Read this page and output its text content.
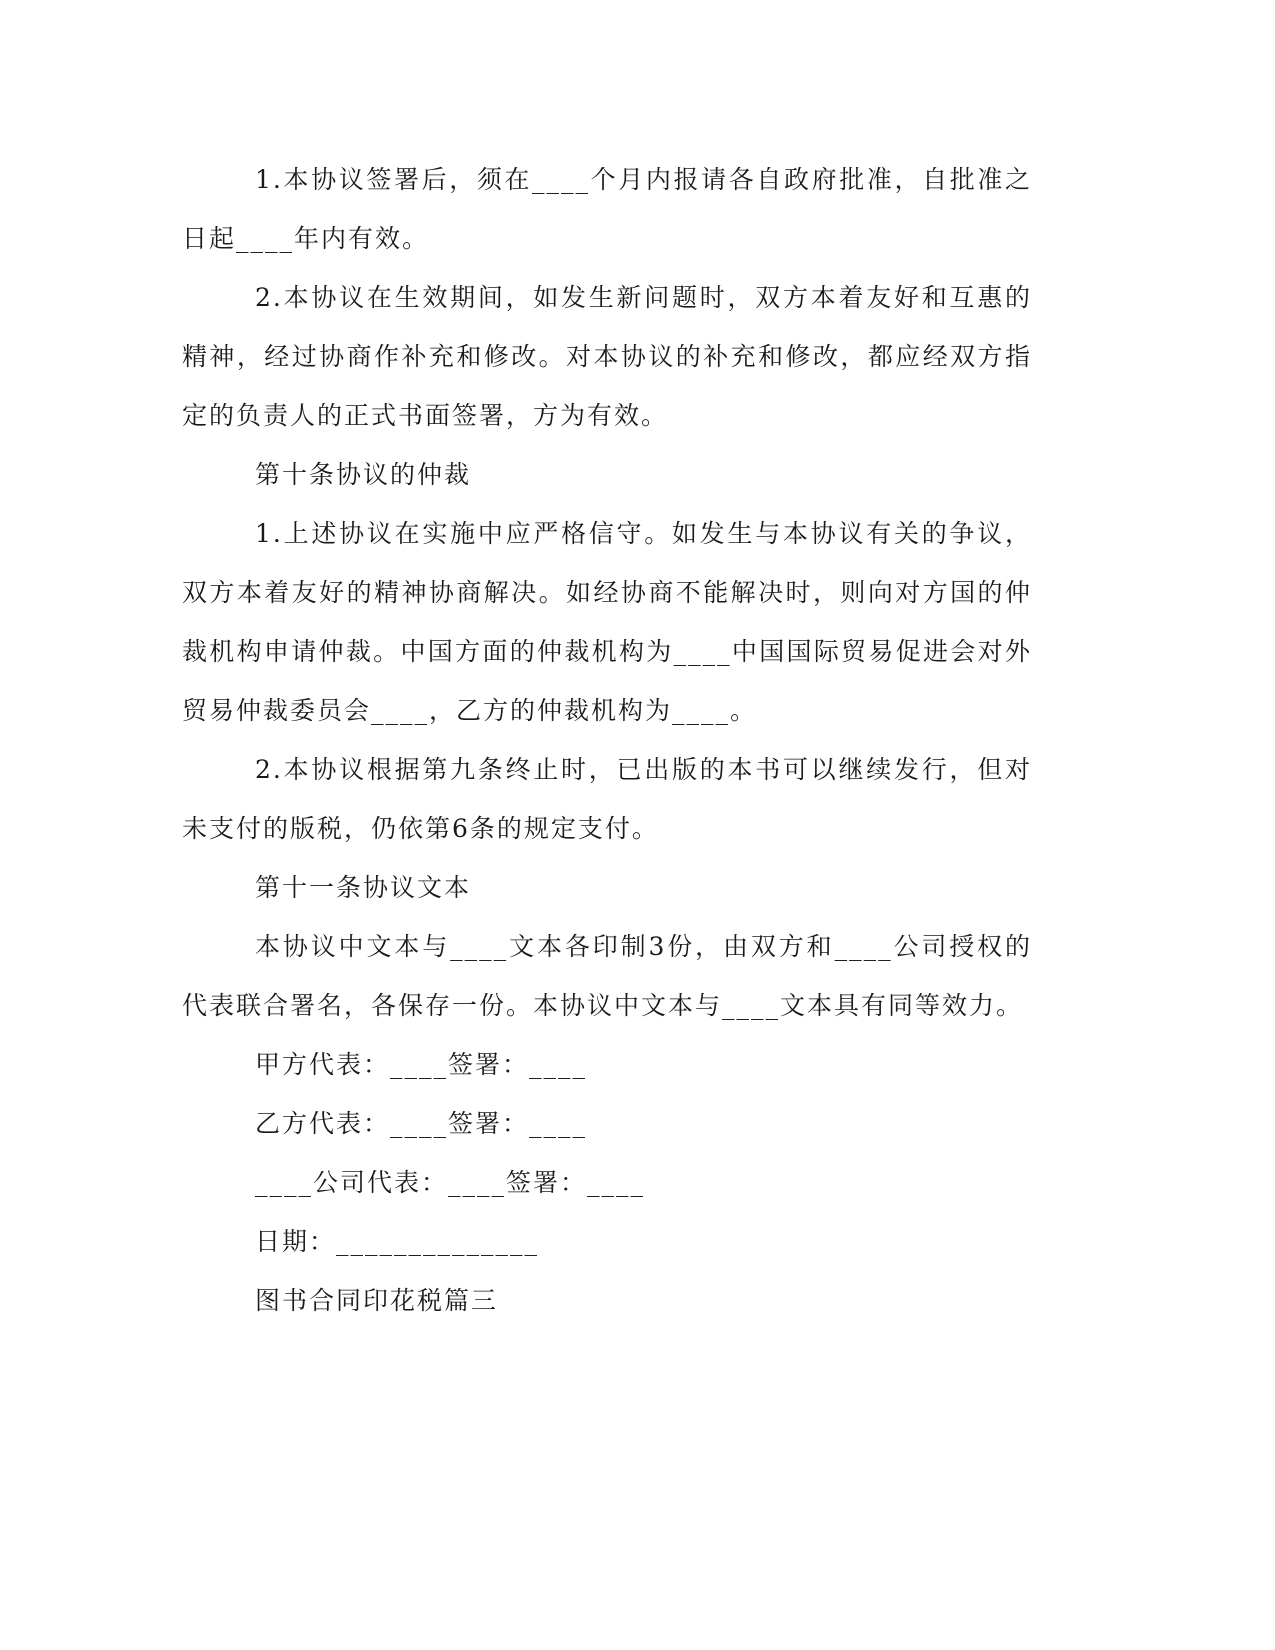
1.本协议签署后，须在____个月内报请各自政府批准，自批准之日起____年内有效。

2.本协议在生效期间，如发生新问题时，双方本着友好和互惠的精神，经过协商作补充和修改。对本协议的补充和修改，都应经双方指定的负责人的正式书面签署，方为有效。

第十条协议的仲裁

1.上述协议在实施中应严格信守。如发生与本协议有关的争议，双方本着友好的精神协商解决。如经协商不能解决时，则向对方国的仲裁机构申请仲裁。中国方面的仲裁机构为____中国国际贸易促进会对外贸易仲裁委员会____，乙方的仲裁机构为____。

2.本协议根据第九条终止时，已出版的本书可以继续发行，但对未支付的版税，仍依第6条的规定支付。

第十一条协议文本

本协议中文本与____文本各印制3份，由双方和____公司授权的代表联合署名，各保存一份。本协议中文本与____文本具有同等效力。

甲方代表：____签署：____

乙方代表：____签署：____

____公司代表：____签署：____

日期：______________

图书合同印花税篇三
